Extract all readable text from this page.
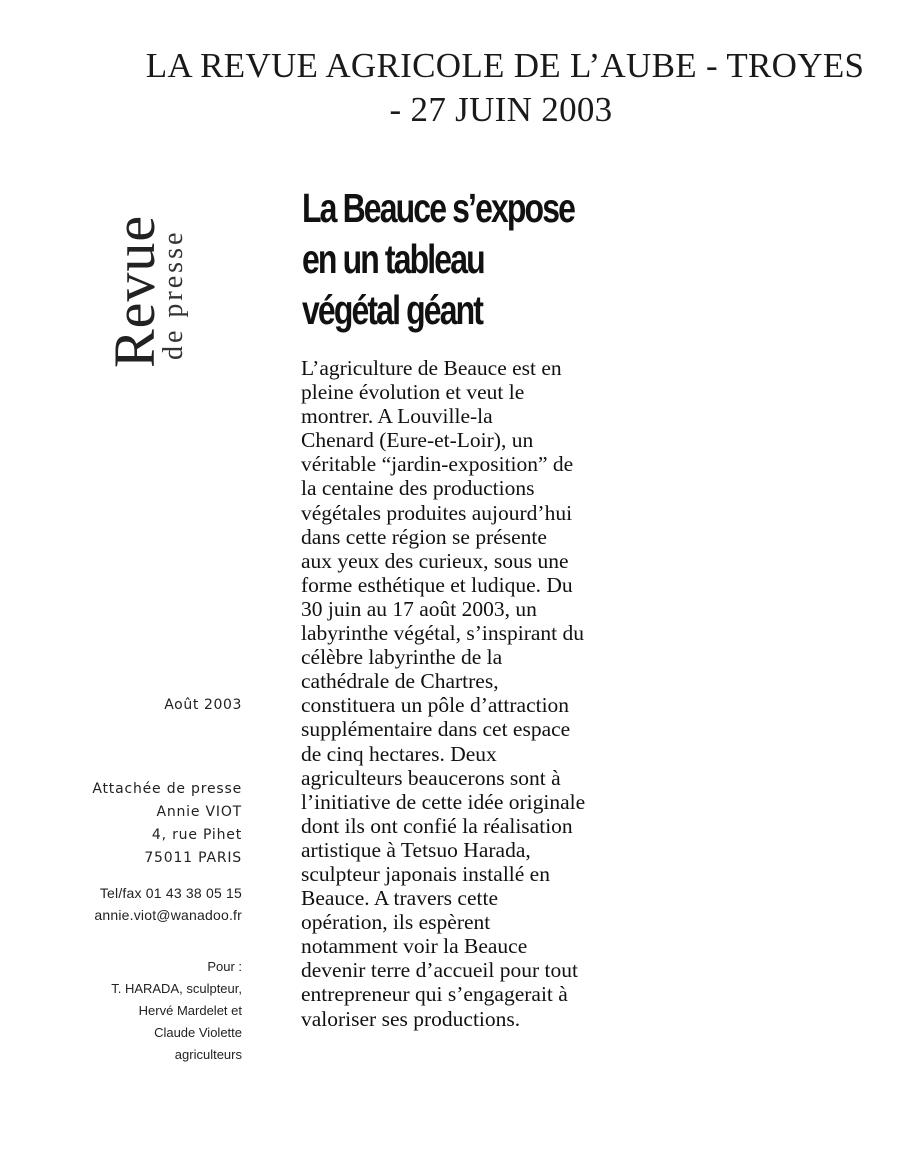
LA REVUE AGRICOLE DE L’AUBE - TROYES
- 27 JUIN 2003
Revue
de presse
La Beauce s’expose
en un tableau
végétal géant
L’agriculture de Beauce est en
pleine évolution et veut le
montrer. A Louville-la
Chenard (Eure-et-Loir), un
véritable “jardin-exposition” de
la centaine des productions
végétales produites aujourd’hui
dans cette région se présente
aux yeux des curieux, sous une
forme esthétique et ludique. Du
30 juin au 17 août 2003, un
labyrinthe végétal, s’inspirant du
célèbre labyrinthe de la
cathédrale de Chartres,
constituera un pôle d’attraction
supplémentaire dans cet espace
de cinq hectares. Deux
agriculteurs beaucerons sont à
l’initiative de cette idée originale
dont ils ont confié la réalisation
artistique à Tetsuo Harada,
sculpteur japonais installé en
Beauce. A travers cette
opération, ils espèrent
notamment voir la Beauce
devenir terre d’accueil pour tout
entrepreneur qui s’engagerait à
valoriser ses productions.
Août 2003
Attachée de presse
Annie VIOT
4, rue Pihet
75011 PARIS
Tel/fax 01 43 38 05 15
annie.viot@wanadoo.fr
Pour :
T. HARADA, sculpteur,
Hervé Mardelet et
Claude Violette
agriculteurs
